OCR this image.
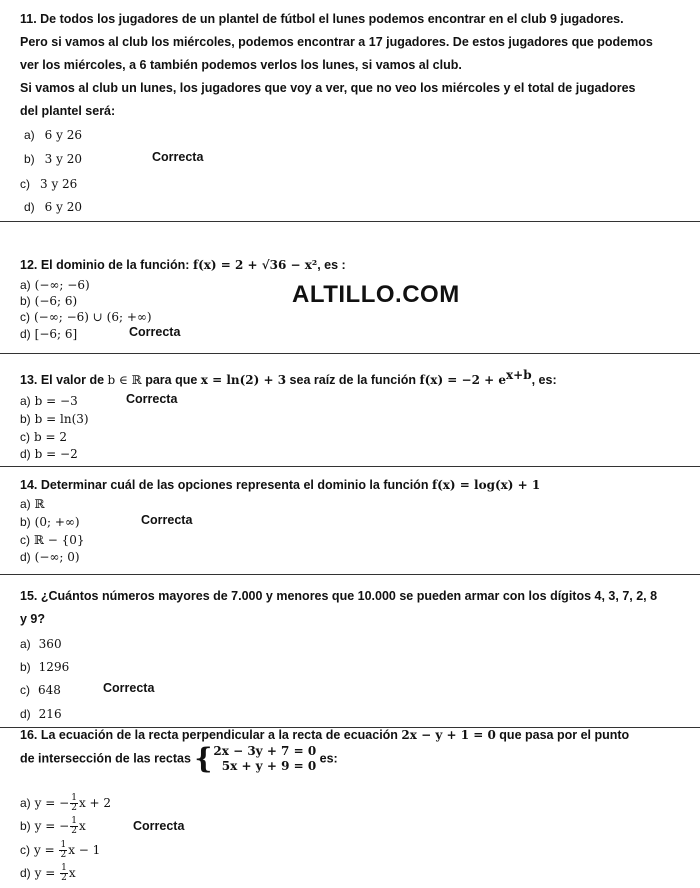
11. De todos los jugadores de un plantel de fútbol el lunes podemos encontrar en el club 9 jugadores.
Pero si vamos al club los miércoles, podemos encontrar a 17 jugadores. De estos jugadores que podemos
ver los miércoles, a 6 también podemos verlos los lunes, si vamos al club.
Si vamos al club un lunes, los jugadores que voy a ver, que no veo los miércoles y el total de jugadores
del plantel será:
a) 6 y 26
b) 3 y 20	Correcta
c) 3 y 26
d) 6 y 20
12. El dominio de la función: f(x) = 2 + √36 − x², es :
a) (−∞; −6)
b) (−6; 6)
c) (−∞; −6) ∪ (6; +∞)
d) [−6; 6]	Correcta
ALTILLO.COM
13. El valor de b ∈ ℝ para que x = ln(2) + 3 sea raíz de la función $f(x) = -2 + e^{x+b}$, es:
a) b = −3	Correcta
b) b = ln(3)
c) b = 2
d) b = −2
14. Determinar cuál de las opciones representa el dominio la función f(x) = log(x) + 1
a) ℝ
b) (0; +∞)	Correcta
c) ℝ − {0}
d) (−∞; 0)
15. ¿Cuántos números mayores de 7.000 y menores que 10.000 se pueden armar con los dígitos 4, 3, 7, 2, 8
y 9?
a) 360
b) 1296
c) 648	Correcta
d) 216
16. La ecuación de la recta perpendicular a la recta de ecuación 2x − y + 1 = 0 que pasa por el punto
de intersección de las rectas { 2x − 3y + 7 = 0
5x + y + 9 = 0
es:
a) y = − $\frac{1}{2}$ x + 2
b) y = − $\frac{1}{2}$ x	Correcta
c) $y = \frac{1}{2}$ x − 1
d) $y = \frac{1}{2}$ x
